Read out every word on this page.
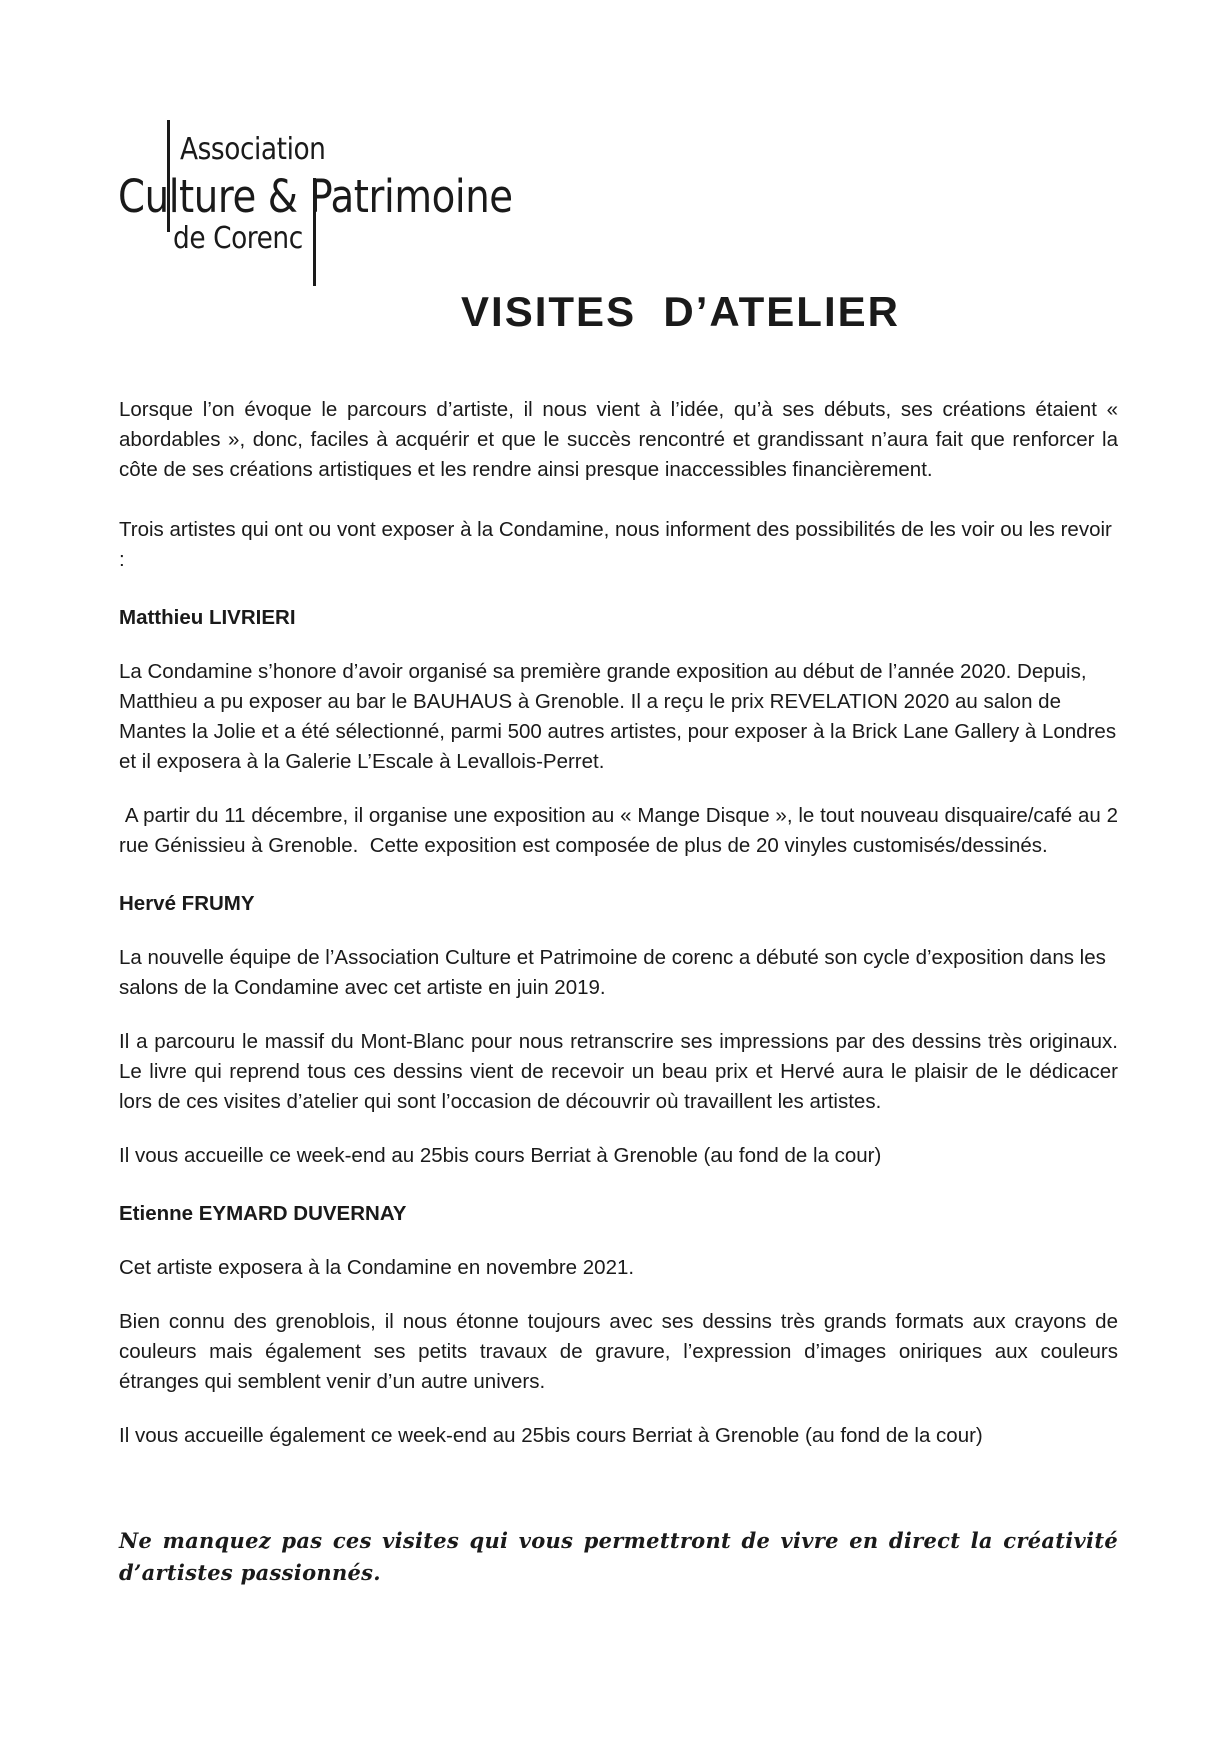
Association
Culture & Patrimoine
de Corenc
VISITES  D’ATELIER

Lorsque l’on évoque le parcours d’artiste, il nous vient à l’idée, qu’à ses débuts, ses créations étaient « abordables », donc, faciles à acquérir et que le succès rencontré et grandissant n’aura fait que renforcer la côte de ses créations artistiques et les rendre ainsi presque inaccessibles financièrement.

Trois artistes qui ont ou vont exposer à la Condamine, nous informent des possibilités de les voir ou les revoir :

Matthieu LIVRIERI

La Condamine s’honore d’avoir organisé sa première grande exposition au début de l’année 2020. Depuis, Matthieu a pu exposer au bar le BAUHAUS à Grenoble. Il a reçu le prix REVELATION 2020 au salon de Mantes la Jolie et a été sélectionné, parmi 500 autres artistes, pour exposer à la Brick Lane Gallery à Londres et il exposera à la Galerie L’Escale à Levallois-Perret.

A partir du 11 décembre, il organise une exposition au « Mange Disque », le tout nouveau disquaire/café au 2 rue Génissieu à Grenoble.  Cette exposition est composée de plus de 20 vinyles customisés/dessinés.

Hervé FRUMY

La nouvelle équipe de l’Association Culture et Patrimoine de corenc a débuté son cycle d’exposition dans les salons de la Condamine avec cet artiste en juin 2019.

Il a parcouru le massif du Mont-Blanc pour nous retranscrire ses impressions par des dessins très originaux. Le livre qui reprend tous ces dessins vient de recevoir un beau prix et Hervé aura le plaisir de le dédicacer lors de ces visites d’atelier qui sont l’occasion de découvrir où travaillent les artistes.

Il vous accueille ce week-end au 25bis cours Berriat à Grenoble (au fond de la cour)

Etienne EYMARD DUVERNAY

Cet artiste exposera à la Condamine en novembre 2021.

Bien connu des grenoblois, il nous étonne toujours avec ses dessins très grands formats aux crayons de couleurs mais également ses petits travaux de gravure, l’expression d’images oniriques aux couleurs étranges qui semblent venir d’un autre univers.

Il vous accueille également ce week-end au 25bis cours Berriat à Grenoble (au fond de la cour)

Ne manquez pas ces visites qui vous permettront de vivre en direct la créativité d’artistes passionnés.
